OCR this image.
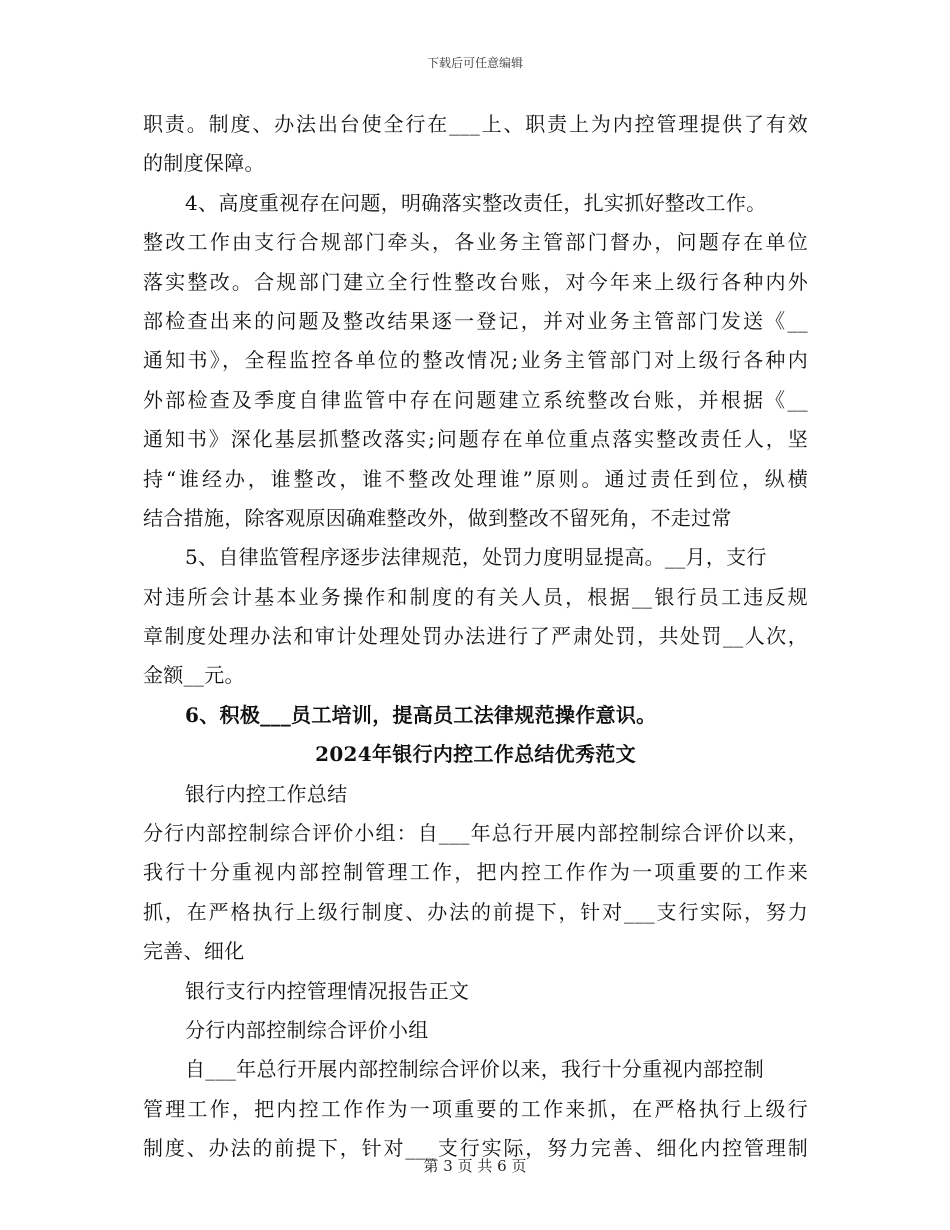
下载后可任意编辑
职责。制度、办法出台使全行在___上、职责上为内控管理提供了有效
的制度保障。
4、高度重视存在问题，明确落实整改责任，扎实抓好整改工作。
整改工作由支行合规部门牵头，各业务主管部门督办，问题存在单位
落实整改。合规部门建立全行性整改台账，对今年来上级行各种内外
部检查出来的问题及整改结果逐一登记，并对业务主管部门发送《__
通知书》，全程监控各单位的整改情况;业务主管部门对上级行各种内
外部检查及季度自律监管中存在问题建立系统整改台账，并根据《__
通知书》深化基层抓整改落实;问题存在单位重点落实整改责任人，坚
持“谁经办，谁整改，谁不整改处理谁”原则。通过责任到位，纵横
结合措施，除客观原因确难整改外，做到整改不留死角，不走过常
5、自律监管程序逐步法律规范，处罚力度明显提高。__月，支行
对违所会计基本业务操作和制度的有关人员，根据__银行员工违反规
章制度处理办法和审计处理处罚办法进行了严肃处罚，共处罚__人次，
金额__元。
6、积极___员工培训，提高员工法律规范操作意识。
2024年银行内控工作总结优秀范文
银行内控工作总结
分行内部控制综合评价小组：自___年总行开展内部控制综合评价以来，
我行十分重视内部控制管理工作，把内控工作作为一项重要的工作来
抓，在严格执行上级行制度、办法的前提下，针对___支行实际，努力
完善、细化
银行支行内控管理情况报告正文
分行内部控制综合评价小组
自___年总行开展内部控制综合评价以来，我行十分重视内部控制
管理工作，把内控工作作为一项重要的工作来抓，在严格执行上级行
制度、办法的前提下，针对___支行实际，努力完善、细化内控管理制
第 3 页 共 6 页
